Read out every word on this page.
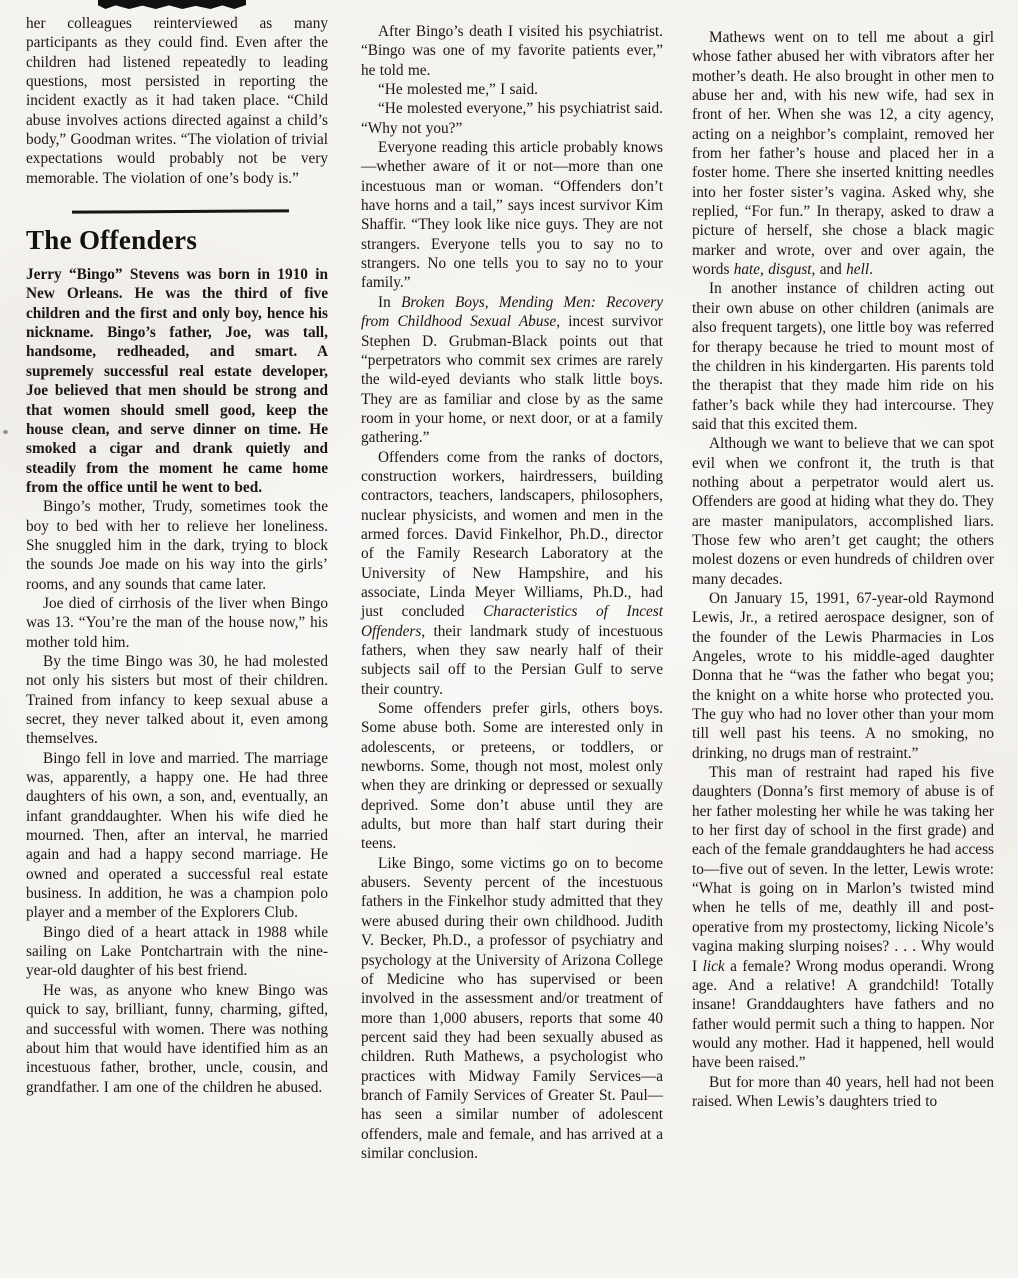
her colleagues reinterviewed as many participants as they could find. Even after the children had listened repeatedly to leading questions, most persisted in reporting the incident exactly as it had taken place. “Child abuse involves actions directed against a child’s body,” Goodman writes. “The violation of trivial expectations would probably not be very memorable. The violation of one’s body is.”

The Offenders

Jerry “Bingo” Stevens was born in 1910 in New Orleans. He was the third of five children and the first and only boy, hence his nickname. Bingo’s father, Joe, was tall, handsome, redheaded, and smart. A supremely successful real estate developer, Joe believed that men should be strong and that women should smell good, keep the house clean, and serve dinner on time. He smoked a cigar and drank quietly and steadily from the moment he came home from the office until he went to bed.

Bingo’s mother, Trudy, sometimes took the boy to bed with her to relieve her loneliness. She snuggled him in the dark, trying to block the sounds Joe made on his way into the girls’ rooms, and any sounds that came later.

Joe died of cirrhosis of the liver when Bingo was 13. “You’re the man of the house now,” his mother told him.

By the time Bingo was 30, he had molested not only his sisters but most of their children. Trained from infancy to keep sexual abuse a secret, they never talked about it, even among themselves.

Bingo fell in love and married. The marriage was, apparently, a happy one. He had three daughters of his own, a son, and, eventually, an infant granddaughter. When his wife died he mourned. Then, after an interval, he married again and had a happy second marriage. He owned and operated a successful real estate business. In addition, he was a champion polo player and a member of the Explorers Club.

Bingo died of a heart attack in 1988 while sailing on Lake Pontchartrain with the nine-year-old daughter of his best friend.

He was, as anyone who knew Bingo was quick to say, brilliant, funny, charming, gifted, and successful with women. There was nothing about him that would have identified him as an incestuous father, brother, uncle, cousin, and grandfather. I am one of the children he abused.

After Bingo’s death I visited his psychiatrist. “Bingo was one of my favorite patients ever,” he told me.

“He molested me,” I said.

“He molested everyone,” his psychiatrist said. “Why not you?”

Everyone reading this article probably knows—whether aware of it or not—more than one incestuous man or woman. “Offenders don’t have horns and a tail,” says incest survivor Kim Shaffir. “They look like nice guys. They are not strangers. Everyone tells you to say no to strangers. No one tells you to say no to your family.”

In Broken Boys, Mending Men: Recovery from Childhood Sexual Abuse, incest survivor Stephen D. Grubman-Black points out that “perpetrators who commit sex crimes are rarely the wild-eyed deviants who stalk little boys. They are as familiar and close by as the same room in your home, or next door, or at a family gathering.”

Offenders come from the ranks of doctors, construction workers, hairdressers, building contractors, teachers, landscapers, philosophers, nuclear physicists, and women and men in the armed forces. David Finkelhor, Ph.D., director of the Family Research Laboratory at the University of New Hampshire, and his associate, Linda Meyer Williams, Ph.D., had just concluded Characteristics of Incest Offenders, their landmark study of incestuous fathers, when they saw nearly half of their subjects sail off to the Persian Gulf to serve their country.

Some offenders prefer girls, others boys. Some abuse both. Some are interested only in adolescents, or preteens, or toddlers, or newborns. Some, though not most, molest only when they are drinking or depressed or sexually deprived. Some don’t abuse until they are adults, but more than half start during their teens.

Like Bingo, some victims go on to become abusers. Seventy percent of the incestuous fathers in the Finkelhor study admitted that they were abused during their own childhood. Judith V. Becker, Ph.D., a professor of psychiatry and psychology at the University of Arizona College of Medicine who has supervised or been involved in the assessment and/or treatment of more than 1,000 abusers, reports that some 40 percent said they had been sexually abused as children. Ruth Mathews, a psychologist who practices with Midway Family Services—a branch of Family Services of Greater St. Paul—has seen a similar number of adolescent offenders, male and female, and has arrived at a similar conclusion.

Mathews went on to tell me about a girl whose father abused her with vibrators after her mother’s death. He also brought in other men to abuse her and, with his new wife, had sex in front of her. When she was 12, a city agency, acting on a neighbor’s complaint, removed her from her father’s house and placed her in a foster home. There she inserted knitting needles into her foster sister’s vagina. Asked why, she replied, “For fun.” In therapy, asked to draw a picture of herself, she chose a black magic marker and wrote, over and over again, the words hate, disgust, and hell.

In another instance of children acting out their own abuse on other children (animals are also frequent targets), one little boy was referred for therapy because he tried to mount most of the children in his kindergarten. His parents told the therapist that they made him ride on his father’s back while they had intercourse. They said that this excited them.

Although we want to believe that we can spot evil when we confront it, the truth is that nothing about a perpetrator would alert us. Offenders are good at hiding what they do. They are master manipulators, accomplished liars. Those few who aren’t get caught; the others molest dozens or even hundreds of children over many decades.

On January 15, 1991, 67-year-old Raymond Lewis, Jr., a retired aerospace designer, son of the founder of the Lewis Pharmacies in Los Angeles, wrote to his middle-aged daughter Donna that he “was the father who begat you; the knight on a white horse who protected you. The guy who had no lover other than your mom till well past his teens. A no smoking, no drinking, no drugs man of restraint.”

This man of restraint had raped his five daughters (Donna’s first memory of abuse is of her father molesting her while he was taking her to her first day of school in the first grade) and each of the female granddaughters he had access to—five out of seven. In the letter, Lewis wrote: “What is going on in Marlon’s twisted mind when he tells of me, deathly ill and post-operative from my prostectomy, licking Nicole’s vagina making slurping noises? . . . Why would I lick a female? Wrong modus operandi. Wrong age. And a relative! A grandchild! Totally insane! Granddaughters have fathers and no father would permit such a thing to happen. Nor would any mother. Had it happened, hell would have been raised.”

But for more than 40 years, hell had not been raised. When Lewis’s daughters tried to
